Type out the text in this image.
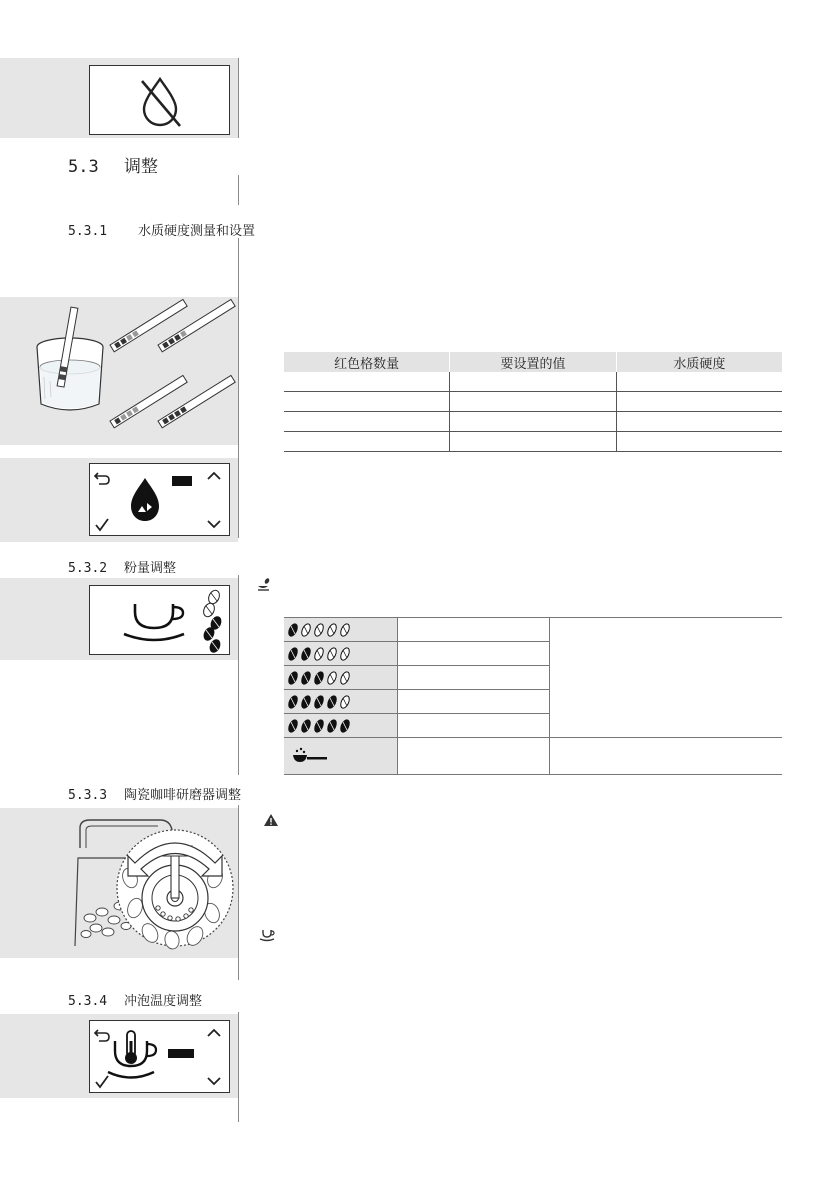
5.3 调整
5.3.1 水质硬度测量和设置
5.3.2 粉量调整
5.3.3 陶瓷咖啡研磨器调整
5.3.4 冲泡温度调整
红色格数量	要设置的值	水质硬度
